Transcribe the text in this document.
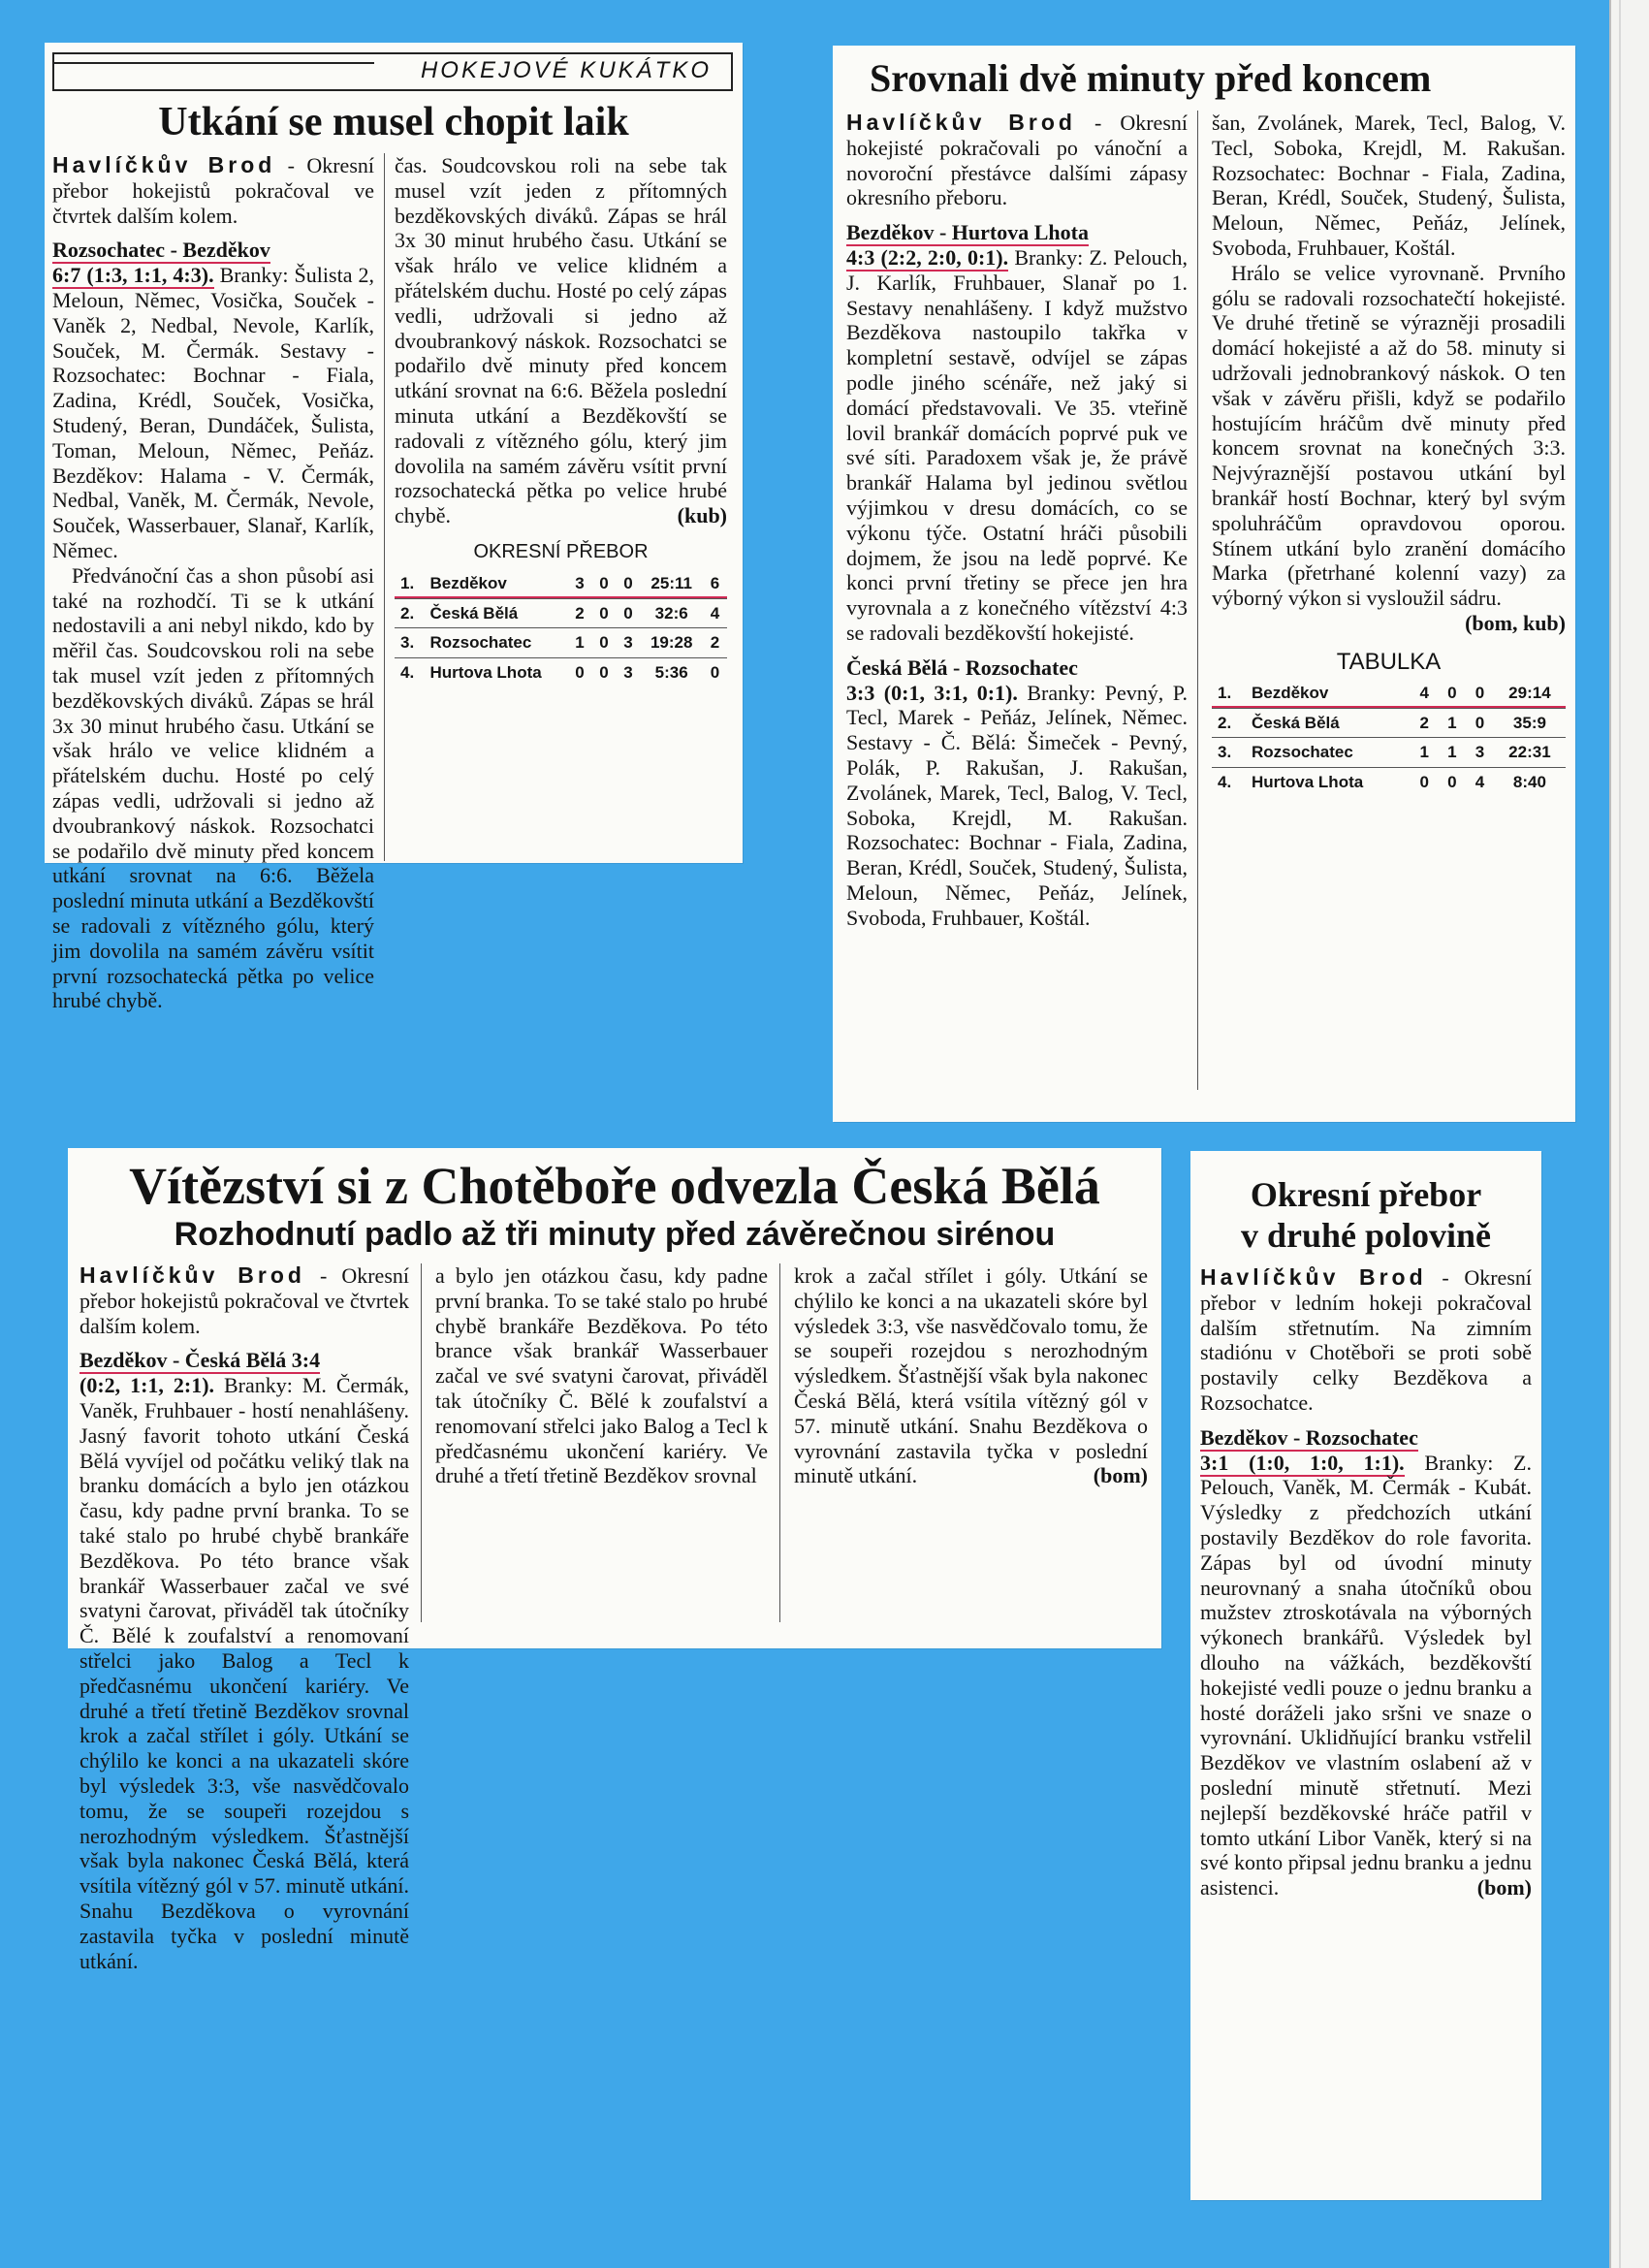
HOKEJOVÉ KUKÁTKO
Utkání se musel chopit laik

Havlíčkův Brod - Okresní přebor hokejistů pokračoval ve čtvrtek dalším kolem.

Rozsochatec - Bezděkov
6:7 (1:3, 1:1, 4:3). Branky: Šulista 2, Meloun, Němec, Vosička, Souček - Vaněk 2, Nedbal, Nevole, Karlík, Souček, M. Čermák. Sestavy - Rozsochatec: Bochnar - Fiala, Zadina, Krédl, Souček, Vosička, Studený, Beran, Dundáček, Šulista, Toman, Meloun, Němec, Peňáz. Bezděkov: Halama - V. Čermák, Nedbal, Vaněk, M. Čermák, Nevole, Souček, Wasserbauer, Slanař, Karlík, Němec.

Předvánoční čas a shon působí asi také na rozhodčí. Ti se k utkání nedostavili a ani nebyl nikdo, kdo by měřil čas. Soudcovskou roli na sebe tak musel vzít jeden z přítomných bezděkovských diváků. Zápas se hrál 3x 30 minut hrubého času. Utkání se však hrálo ve velice klidném a přátelském duchu. Hosté po celý zápas vedli, udržovali si jedno až dvoubrankový náskok. Rozsochatci se podařilo dvě minuty před koncem utkání srovnat na 6:6. Běžela poslední minuta utkání a Bezděkovští se radovali z vítězného gólu, který jim dovolila na samém závěru vsítit první rozsochatecká pětka po velice hrubé chybě.

čas. Soudcovskou roli na sebe tak musel vzít jeden z přítomných bezděkovských diváků. Zápas se hrál 3x 30 minut hrubého času. Utkání se však hrálo ve velice klidném a přátelském duchu. Hosté po celý zápas vedli, udržovali si jedno až dvoubrankový náskok. Rozsochatci se podařilo dvě minuty před koncem utkání srovnat na 6:6. Běžela poslední minuta utkání a Bezděkovští se radovali z vítězného gólu, který jim dovolila na samém závěru vsítit první rozsochatecká pětka po velice hrubé chybě.	(kub)

OKRESNÍ PŘEBOR
1.	Bezděkov	3	0	0	25:11	6
2.	Česká Bělá	2	0	0	32:6	4
3.	Rozsochatec	1	0	3	19:28	2
4.	Hurtova Lhota	0	0	3	5:36	0
Srovnali dvě minuty před koncem

Havlíčkův Brod - Okresní hokejisté pokračovali po vánoční a novoroční přestávce dalšími zápasy okresního přeboru.

Bezděkov - Hurtova Lhota
4:3 (2:2, 2:0, 0:1). Branky: Z. Pelouch, J. Karlík, Fruhbauer, Slanař po 1. Sestavy nenahlášeny. I když mužstvo Bezděkova nastoupilo takřka v kompletní sestavě, odvíjel se zápas podle jiného scénáře, než jaký si domácí představovali. Ve 35. vteřině lovil brankář domácích poprvé puk ve své síti. Paradoxem však je, že právě brankář Halama byl jedinou světlou výjimkou v dresu domácích, co se výkonu týče. Ostatní hráči působili dojmem, že jsou na ledě poprvé. Ke konci první třetiny se přece jen hra vyrovnala a z konečného vítězství 4:3 se radovali bezděkovští hokejisté.

Česká Bělá - Rozsochatec
3:3 (0:1, 3:1, 0:1). Branky: Pevný, P. Tecl, Marek - Peňáz, Jelínek, Němec. Sestavy - Č. Bělá: Šimeček - Pevný, Polák, P. Rakušan, J. Rakušan, Zvolánek, Marek, Tecl, Balog, V. Tecl, Soboka, Krejdl, M. Rakušan. Rozsochatec: Bochnar - Fiala, Zadina, Beran, Krédl, Souček, Studený, Šulista, Meloun, Němec, Peňáz, Jelínek, Svoboda, Fruhbauer, Koštál.

šan, Zvolánek, Marek, Tecl, Balog, V. Tecl, Soboka, Krejdl, M. Rakušan. Rozsochatec: Bochnar - Fiala, Zadina, Beran, Krédl, Souček, Studený, Šulista, Meloun, Němec, Peňáz, Jelínek, Svoboda, Fruhbauer, Koštál.

Hrálo se velice vyrovnaně. Prvního gólu se radovali rozsochatečtí hokejisté. Ve druhé třetině se výrazněji prosadili domácí hokejisté a až do 58. minuty si udržovali jednobrankový náskok. O ten však v závěru přišli, když se podařilo hostujícím hráčům dvě minuty před koncem srovnat na konečných 3:3. Nejvýraznější postavou utkání byl brankář hostí Bochnar, který byl svým spoluhráčům opravdovou oporou. Stínem utkání bylo zranění domácího Marka (přetrhané kolenní vazy) za výborný výkon si vysloužil sádru.
(bom, kub)

TABULKA
1.	Bezděkov	4	0	0	29:14
2.	Česká Bělá	2	1	0	35:9
3.	Rozsochatec	1	1	3	22:31
4.	Hurtova Lhota	0	0	4	8:40
Vítězství si z Chotěboře odvezla Česká Bělá
Rozhodnutí padlo až tři minuty před závěrečnou sirénou

Havlíčkův Brod - Okresní přebor hokejistů pokračoval ve čtvrtek dalším kolem.

Bezděkov - Česká Bělá 3:4
(0:2, 1:1, 2:1). Branky: M. Čermák, Vaněk, Fruhbauer - hostí nenahlášeny. Jasný favorit tohoto utkání Česká Bělá vyvíjel od počátku veliký tlak na branku domácích a bylo jen otázkou času, kdy padne první branka. To se také stalo po hrubé chybě brankáře Bezděkova. Po této brance však brankář Wasserbauer začal ve své svatyni čarovat, přiváděl tak útočníky Č. Bělé k zoufalství a renomovaní střelci jako Balog a Tecl k předčasnému ukončení kariéry. Ve druhé a třetí třetině Bezděkov srovnal krok a začal střílet i góly. Utkání se chýlilo ke konci a na ukazateli skóre byl výsledek 3:3, vše nasvědčovalo tomu, že se soupeři rozejdou s nerozhodným výsledkem. Šťastnější však byla nakonec Česká Bělá, která vsítila vítězný gól v 57. minutě utkání. Snahu Bezděkova o vyrovnání zastavila tyčka v poslední minutě utkání.

a bylo jen otázkou času, kdy padne první branka. To se také stalo po hrubé chybě brankáře Bezděkova. Po této brance však brankář Wasserbauer začal ve své svatyni čarovat, přiváděl tak útočníky Č. Bělé k zoufalství a renomovaní střelci jako Balog a Tecl k předčasnému ukončení kariéry. Ve druhé a třetí třetině Bezděkov srovnal

krok a začal střílet i góly. Utkání se chýlilo ke konci a na ukazateli skóre byl výsledek 3:3, vše nasvědčovalo tomu, že se soupeři rozejdou s nerozhodným výsledkem. Šťastnější však byla nakonec Česká Bělá, která vsítila vítězný gól v 57. minutě utkání. Snahu Bezděkova o vyrovnání zastavila tyčka v poslední minutě utkání.	(bom)

Okresní přebor
v druhé polovině

Havlíčkův Brod - Okresní přebor v ledním hokeji pokračoval dalším střetnutím. Na zimním stadiónu v Chotěboři se proti sobě postavily celky Bezděkova a Rozsochatce.

Bezděkov - Rozsochatec
3:1 (1:0, 1:0, 1:1). Branky: Z. Pelouch, Vaněk, M. Čermák - Kubát. Výsledky z předchozích utkání postavily Bezděkov do role favorita. Zápas byl od úvodní minuty neurovnaný a snaha útočníků obou mužstev ztroskotávala na výborných výkonech brankářů. Výsledek byl dlouho na vážkách, bezděkovští hokejisté vedli pouze o jednu branku a hosté doráželi jako sršni ve snaze o vyrovnání. Uklidňující branku vstřelil Bezděkov ve vlastním oslabení až v poslední minutě střetnutí. Mezi nejlepší bezděkovské hráče patřil v tomto utkání Libor Vaněk, který si na své konto připsal jednu branku a jednu asistenci.	(bom)
